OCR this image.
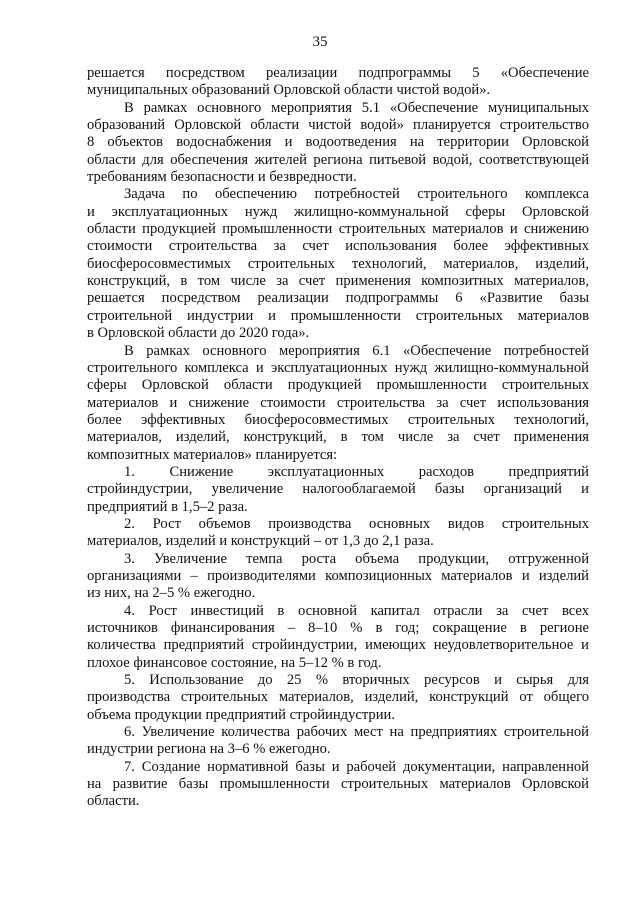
35
решается посредством реализации подпрограммы 5 «Обеспечение
муниципальных образований Орловской области чистой водой».
В рамках основного мероприятия 5.1 «Обеспечение муниципальных
образований Орловской области чистой водой» планируется строительство
8 объектов водоснабжения и водоотведения на территории Орловской
области для обеспечения жителей региона питьевой водой, соответствующей
требованиям безопасности и безвредности.
Задача по обеспечению потребностей строительного комплекса
и эксплуатационных нужд жилищно-коммунальной сферы Орловской
области продукцией промышленности строительных материалов и снижению
стоимости строительства за счет использования более эффективных
биосферосовместимых строительных технологий, материалов, изделий,
конструкций, в том числе за счет применения композитных материалов,
решается посредством реализации подпрограммы 6 «Развитие базы
строительной индустрии и промышленности строительных материалов
в Орловской области до 2020 года».
В рамках основного мероприятия 6.1 «Обеспечение потребностей
строительного комплекса и эксплуатационных нужд жилищно-коммунальной
сферы Орловской области продукцией промышленности строительных
материалов и снижение стоимости строительства за счет использования
более эффективных биосферосовместимых строительных технологий,
материалов, изделий, конструкций, в том числе за счет применения
композитных материалов» планируется:
1. Снижение эксплуатационных расходов предприятий
стройиндустрии, увеличение налогооблагаемой базы организаций и
предприятий в 1,5–2 раза.
2. Рост объемов производства основных видов строительных
материалов, изделий и конструкций – от 1,3 до 2,1 раза.
3. Увеличение темпа роста объема продукции, отгруженной
организациями – производителями композиционных материалов и изделий
из них, на 2–5 % ежегодно.
4. Рост инвестиций в основной капитал отрасли за счет всех
источников финансирования – 8–10 % в год; сокращение в регионе
количества предприятий стройиндустрии, имеющих неудовлетворительное и
плохое финансовое состояние, на 5–12 % в год.
5. Использование до 25 % вторичных ресурсов и сырья для
производства строительных материалов, изделий, конструкций от общего
объема продукции предприятий стройиндустрии.
6. Увеличение количества рабочих мест на предприятиях строительной
индустрии региона на 3–6 % ежегодно.
7. Создание нормативной базы и рабочей документации, направленной
на развитие базы промышленности строительных материалов Орловской
области.
